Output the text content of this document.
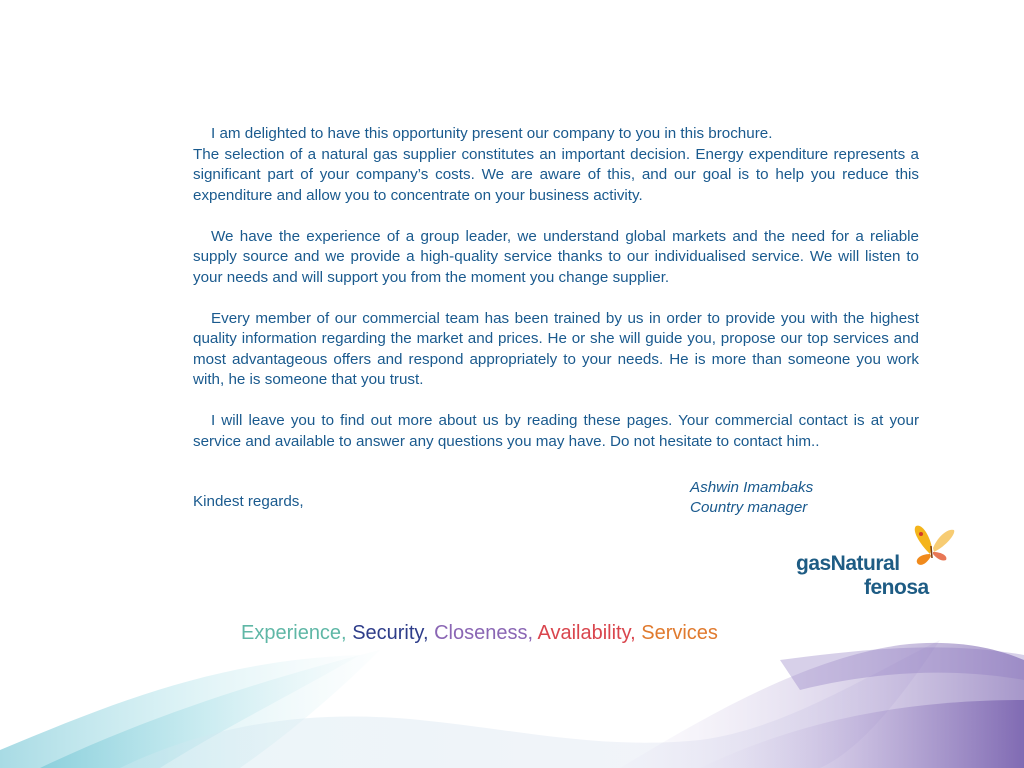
I am delighted to have this opportunity present our company to you in this brochure.

The selection of a natural gas supplier constitutes an important decision. Energy expenditure represents a significant part of your company’s costs. We are aware of this, and our goal is to help you reduce this expenditure and allow you to concentrate on your business activity.

We have the experience of a group leader, we understand global markets and the need for a reliable supply source and we provide a high-quality service thanks to our individualised service. We will listen to your needs and will support you from the moment you change supplier.

Every member of our commercial team has been trained by us in order to provide you with the highest quality information regarding the market and prices. He or she will guide you, propose our top services and most advantageous offers and respond appropriately to your needs. He is more than someone you work with, he is someone that you trust.

I will leave you to find out more about us by reading these pages. Your commercial contact is at your service and available to answer any questions you may have. Do not hesitate to contact him..

Kindest regards,
Ashwin Imambaks
Country manager
gasNatural
fenosa
Experience, Security, Closeness, Availability, Services
